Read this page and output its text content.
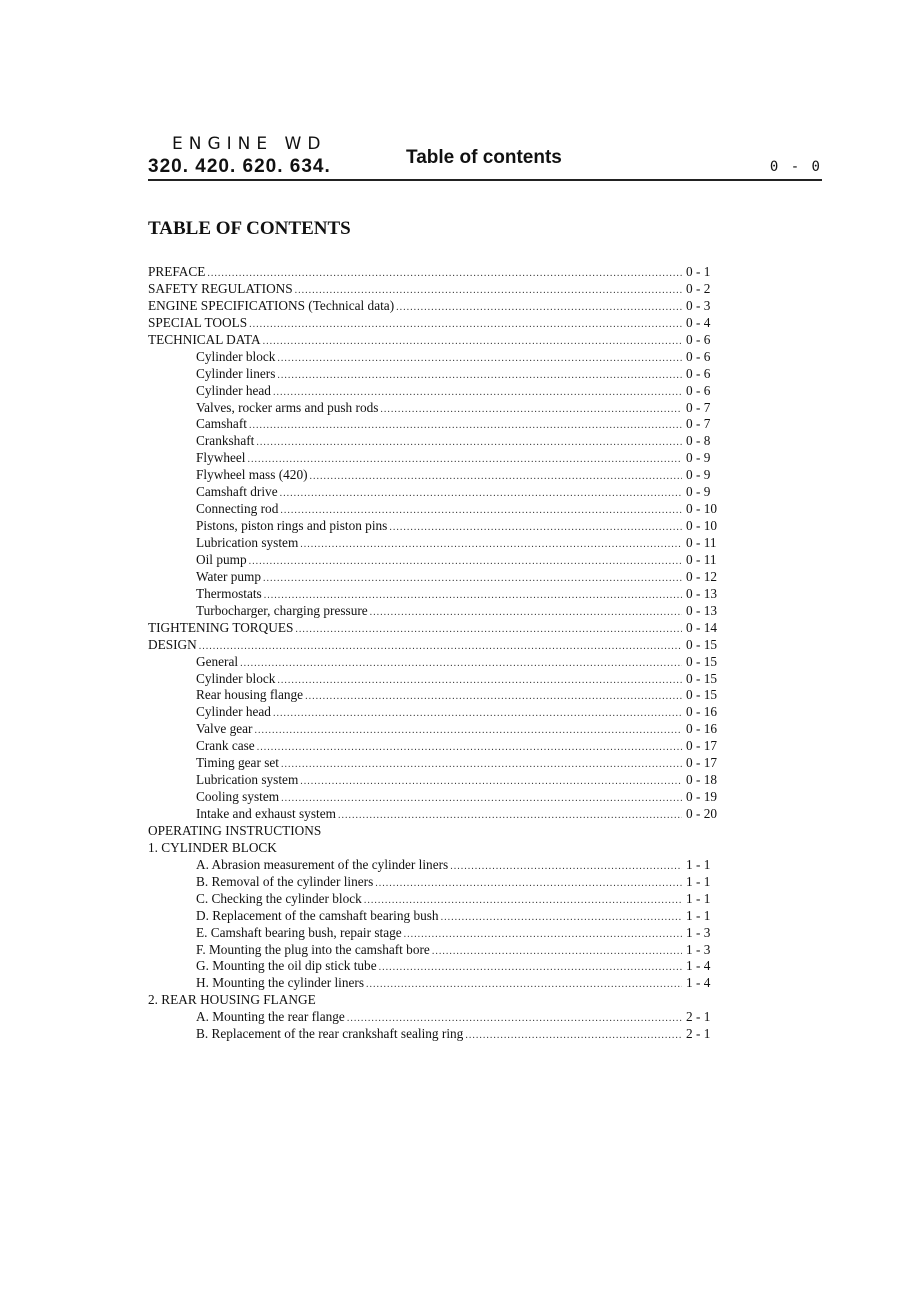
ENGINE WD
320. 420. 620. 634.	Table of contents	0 - 0
TABLE OF CONTENTS
PREFACE .....	0 - 1
SAFETY REGULATIONS .....	0 - 2
ENGINE SPECIFICATIONS (Technical data) .....	0 - 3
SPECIAL TOOLS .....	0 - 4
TECHNICAL DATA .....	0 - 6
Cylinder block .....	0 - 6
Cylinder liners .....	0 - 6
Cylinder head .....	0 - 6
Valves, rocker arms and push rods .....	0 - 7
Camshaft .....	0 - 7
Crankshaft .....	0 - 8
Flywheel .....	0 - 9
Flywheel mass (420) .....	0 - 9
Camshaft drive .....	0 - 9
Connecting rod .....	0 - 10
Pistons, piston rings and piston pins .....	0 - 10
Lubrication system .....	0 - 11
Oil pump .....	0 - 11
Water pump .....	0 - 12
Thermostats .....	0 - 13
Turbocharger, charging pressure .....	0 - 13
TIGHTENING TORQUES .....	0 - 14
DESIGN .....	0 - 15
General .....	0 - 15
Cylinder block .....	0 - 15
Rear housing flange .....	0 - 15
Cylinder head .....	0 - 16
Valve gear .....	0 - 16
Crank case .....	0 - 17
Timing gear set .....	0 - 17
Lubrication system .....	0 - 18
Cooling system .....	0 - 19
Intake and exhaust system .....	0 - 20
OPERATING INSTRUCTIONS
1. CYLINDER BLOCK
A. Abrasion measurement of the cylinder liners .....	1 - 1
B. Removal of the cylinder liners .....	1 - 1
C. Checking the cylinder block .....	1 - 1
D. Replacement of the camshaft bearing bush .....	1 - 1
E. Camshaft bearing bush, repair stage .....	1 - 3
F. Mounting the plug into the camshaft bore .....	1 - 3
G. Mounting the oil dip stick tube .....	1 - 4
H. Mounting the cylinder liners .....	1 - 4
2. REAR HOUSING FLANGE
A. Mounting the rear flange .....	2 - 1
B. Replacement of the rear crankshaft sealing ring .....	2 - 1
